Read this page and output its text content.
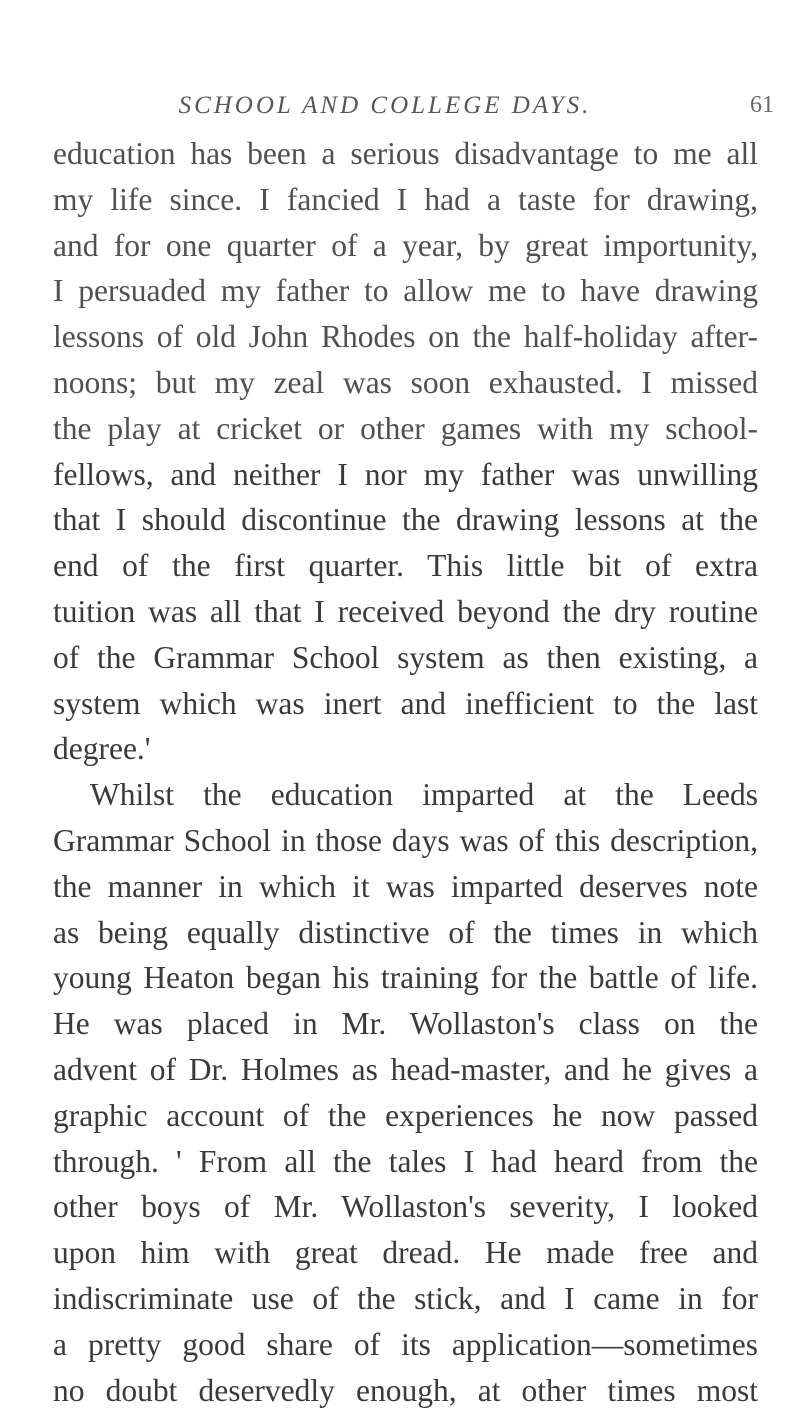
SCHOOL AND COLLEGE DAYS.	61
education has been a serious disadvantage to me all
my life since. I fancied I had a taste for drawing,
and for one quarter of a year, by great importunity,
I persuaded my father to allow me to have drawing
lessons of old John Rhodes on the half-holiday after-
noons; but my zeal was soon exhausted. I missed
the play at cricket or other games with my school-
fellows, and neither I nor my father was unwilling
that I should discontinue the drawing lessons at the
end of the first quarter. This little bit of extra
tuition was all that I received beyond the dry routine
of the Grammar School system as then existing, a
system which was inert and inefficient to the last
degree.'
Whilst the education imparted at the Leeds
Grammar School in those days was of this description,
the manner in which it was imparted deserves note
as being equally distinctive of the times in which
young Heaton began his training for the battle of life.
He was placed in Mr. Wollaston's class on the
advent of Dr. Holmes as head-master, and he gives a
graphic account of the experiences he now passed
through. ' From all the tales I had heard from the
other boys of Mr. Wollaston's severity, I looked
upon him with great dread. He made free and
indiscriminate use of the stick, and I came in for
a pretty good share of its application—sometimes
no doubt deservedly enough, at other times most
